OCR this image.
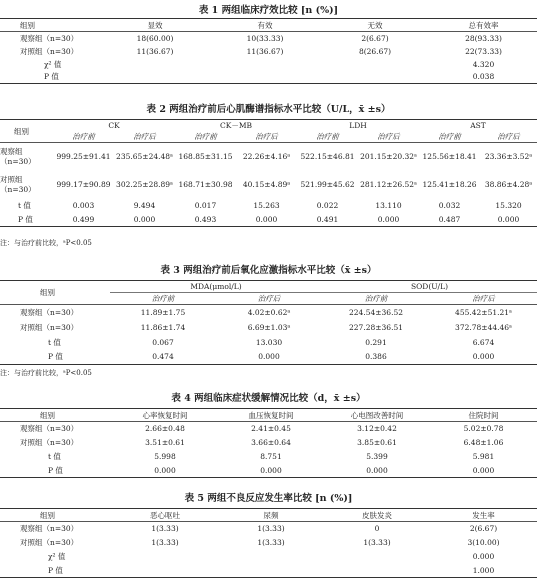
表 1 两组临床疗效比较 [n (%)]
组别	显效	有效	无效	总有效率
观察组（n=30）	18(60.00)	10(33.33)	2(6.67)	28(93.33)
对照组（n=30）	11(36.67)	11(36.67)	8(26.67)	22(73.33)
χ² 值				4.320
P 值				0.038
表 2 两组治疗前后心肌酶谱指标水平比较（U/L，x̄ ±s）
组别	CK		CK－MB		LDH		AST	
	治疗前	治疗后	治疗前	治疗后	治疗前	治疗后	治疗前	治疗后
观察组
（n=30）	999.25±91.41	235.65±24.48ᵃ	168.85±31.15	22.26±4.16ᵃ	522.15±46.81	201.15±20.32ᵃ	125.56±18.41	23.36±3.52ᵃ
对照组
（n=30）	999.17±90.89	302.25±28.89ᵃ	168.71±30.98	40.15±4.89ᵃ	521.99±45.62	281.12±26.52ᵃ	125.41±18.26	38.86±4.28ᵃ
t 值	0.003	9.494	0.017	15.263	0.022	13.110	0.032	15.320
P 值	0.499	0.000	0.493	0.000	0.491	0.000	0.487	0.000
注：与治疗前比较，ᵃP<0.05
表 3 两组治疗前后氧化应激指标水平比较（x̄ ±s）
组别	MDA(μmol/L)		SOD(U/L)	
	治疗前	治疗后	治疗前	治疗后
观察组（n=30）	11.89±1.75	4.02±0.62ᵃ	224.54±36.52	455.42±51.21ᵃ
对照组（n=30）	11.86±1.74	6.69±1.03ᵃ	227.28±36.51	372.78±44.46ᵃ
t 值	0.067	13.030	0.291	6.674
P 值	0.474	0.000	0.386	0.000
注：与治疗前比较，ᵃP<0.05
表 4 两组临床症状缓解情况比较（d，x̄ ±s）
组别	心率恢复时间	血压恢复时间	心电图改善时间	住院时间
观察组（n=30）	2.66±0.48	2.41±0.45	3.12±0.42	5.02±0.78
对照组（n=30）	3.51±0.61	3.66±0.64	3.85±0.61	6.48±1.06
t 值	5.998	8.751	5.399	5.981
P 值	0.000	0.000	0.000	0.000
表 5 两组不良反应发生率比较 [n (%)]
组别	恶心呕吐	尿频	皮肤发炎	发生率
观察组（n=30）	1(3.33)	1(3.33)	0	2(6.67)
对照组（n=30）	1(3.33)	1(3.33)	1(3.33)	3(10.00)
χ² 值				0.000
P 值				1.000
